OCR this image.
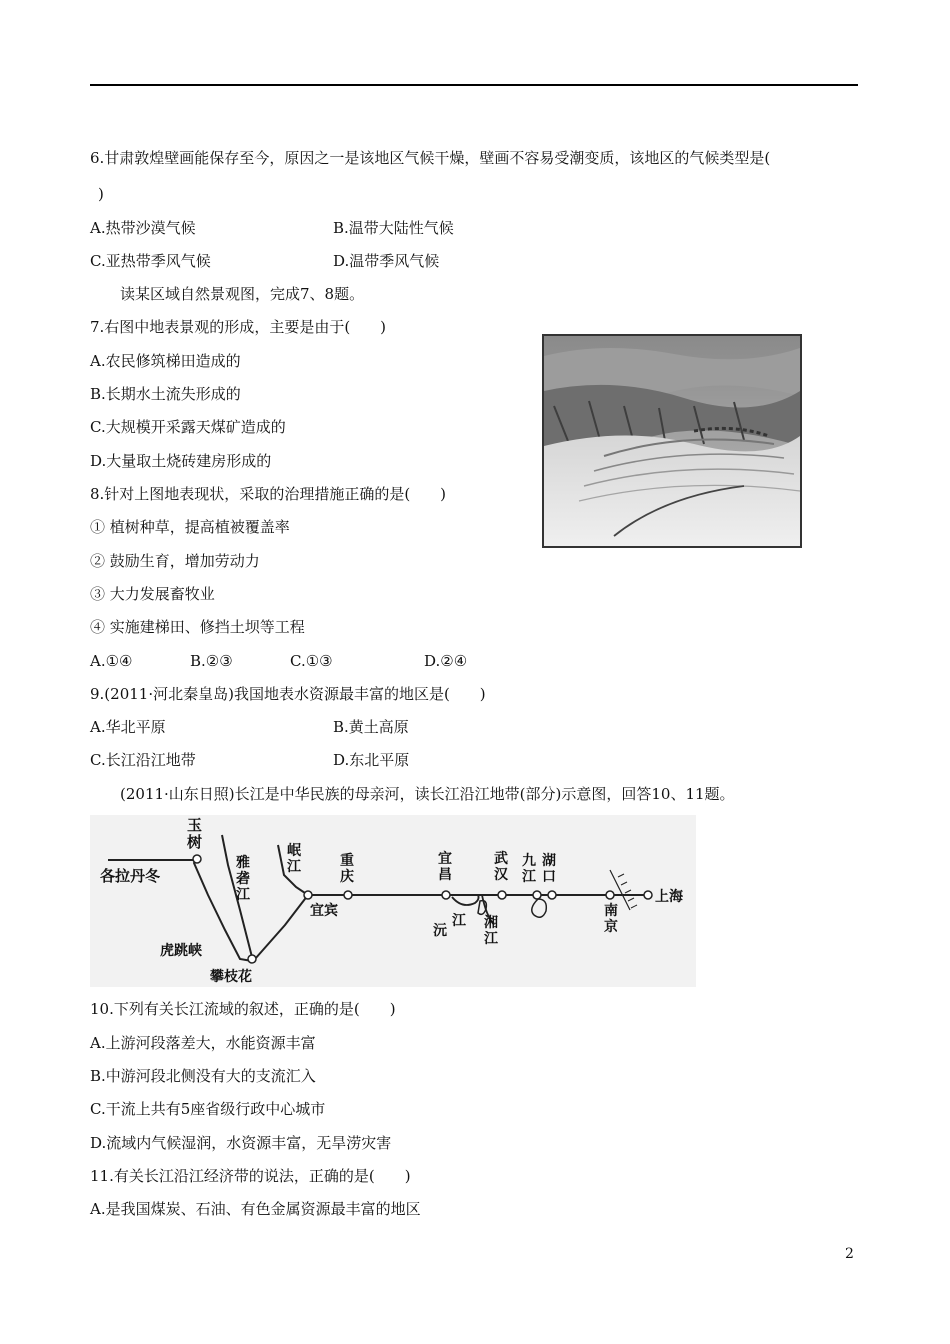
6.甘肃敦煌壁画能保存至今，原因之一是该地区气候干燥，壁画不容易受潮变质，该地区的气候类型是(
)
A.热带沙漠气候	B.温带大陆性气候
C.亚热带季风气候	D.温带季风气候
读某区域自然景观图，完成7、8题。
7.右图中地表景观的形成，主要是由于(　　)
A.农民修筑梯田造成的
B.长期水土流失形成的
C.大规模开采露天煤矿造成的
D.大量取土烧砖建房形成的
8.针对上图地表现状，采取的治理措施正确的是(　　)
① 植树种草，提高植被覆盖率
② 鼓励生育，增加劳动力
③ 大力发展畜牧业
④ 实施建梯田、修挡土坝等工程
A.①④	B.②③	C.①③	D.②④
9.(2011·河北秦皇岛)我国地表水资源最丰富的地区是(　　)
A.华北平原	B.黄土高原
C.长江沿江地带	D.东北平原
(2011·山东日照)长江是中华民族的母亲河，读长江沿江地带(部分)示意图，回答10、11题。
各拉丹冬
玉
树
雅
砻
江
岷
江	重
庆
宜宾
虎跳峡
攀枝花
宜
昌
武
汉
九
江
湖
口
沅
江 湘
江
南
京
上海
10.下列有关长江流域的叙述，正确的是(　　)
A.上游河段落差大，水能资源丰富
B.中游河段北侧没有大的支流汇入
C.干流上共有5座省级行政中心城市
D.流域内气候湿润，水资源丰富，无旱涝灾害
11.有关长江沿江经济带的说法，正确的是(　　)
A.是我国煤炭、石油、有色金属资源最丰富的地区
2
